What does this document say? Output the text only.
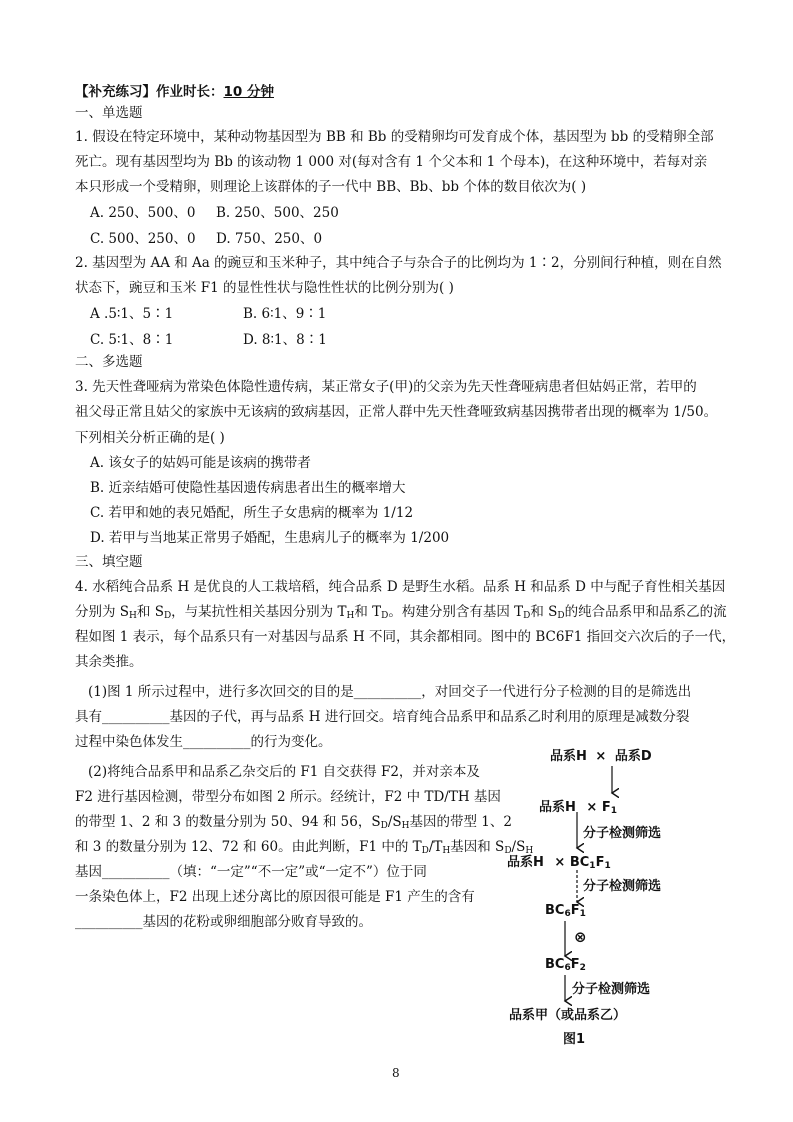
【补充练习】作业时长：10 分钟
一、单选题
1. 假设在特定环境中，某种动物基因型为 BB 和 Bb 的受精卵均可发育成个体，基因型为 bb 的受精卵全部
死亡。现有基因型均为 Bb 的该动物 1 000 对(每对含有 1 个父本和 1 个母本)，在这种环境中，若每对亲
本只形成一个受精卵，则理论上该群体的子一代中 BB、Bb、bb 个体的数目依次为( )
A. 250、500、0 B. 250、500、250
C. 500、250、0 D. 750、250、0
2. 基因型为 AA 和 Aa 的豌豆和玉米种子，其中纯合子与杂合子的比例均为 1∶2，分别间行种植，则在自然
状态下，豌豆和玉米 F1 的显性性状与隐性性状的比例分别为( )
A .5∶1、5∶1	B. 6∶1、9∶1
C. 5∶1、8∶1	D. 8∶1、8∶1
二、多选题
3. 先天性聋哑病为常染色体隐性遗传病，某正常女子(甲)的父亲为先天性聋哑病患者但姑妈正常，若甲的
祖父母正常且姑父的家族中无该病的致病基因，正常人群中先天性聋哑致病基因携带者出现的概率为 1/50。
下列相关分析正确的是( )
A. 该女子的姑妈可能是该病的携带者
B. 近亲结婚可使隐性基因遗传病患者出生的概率增大
C. 若甲和她的表兄婚配，所生子女患病的概率为 1/12
D. 若甲与当地某正常男子婚配，生患病儿子的概率为 1/200
三、填空题
4. 水稻纯合品系 H 是优良的人工栽培稻，纯合品系 D 是野生水稻。品系 H 和品系 D 中与配子育性相关基因
分别为 $S_H$和 $S_D$，与某抗性相关基因分别为 $T_H$和 $T_D$。构建分别含有基因 $T_D$和 $S_D$的纯合品系甲和品系乙的流
程如图 1 表示，每个品系只有一对基因与品系 H 不同，其余都相同。图中的 BC6F1 指回交六次后的子一代，
其余类推。
(1)图 1 所示过程中，进行多次回交的目的是__________，对回交子一代进行分子检测的目的是筛选出
具有__________基因的子代，再与品系 H 进行回交。培育纯合品系甲和品系乙时利用的原理是减数分裂
过程中染色体发生__________的行为变化。
(2)将纯合品系甲和品系乙杂交后的 F1 自交获得 F2，并对亲本及
F2 进行基因检测，带型分布如图 2 所示。经统计，F2 中 TD/TH 基因
的带型 1、2 和 3 的数量分别为 50、94 和 56，$S_D/S_H$基因的带型 1、2
和 3 的数量分别为 12、72 和 60。由此判断，F1 中的 $T_D/T_H$基因和 $S_D/S_H$
基因__________（填：“一定”“不一定”或“一定不”）位于同
一条染色体上，F2 出现上述分离比的原因很可能是 F1 产生的含有
__________基因的花粉或卵细胞部分败育导致的。
品系H × 品系D
品系$H \times F_1$
分子检测筛选
品系$H \times BC_1F_1$
分子检测筛选
$BC_6F_1$
⊗
$BC_6F_2$
分子检测筛选
品系甲（或品系乙）
图1
8
